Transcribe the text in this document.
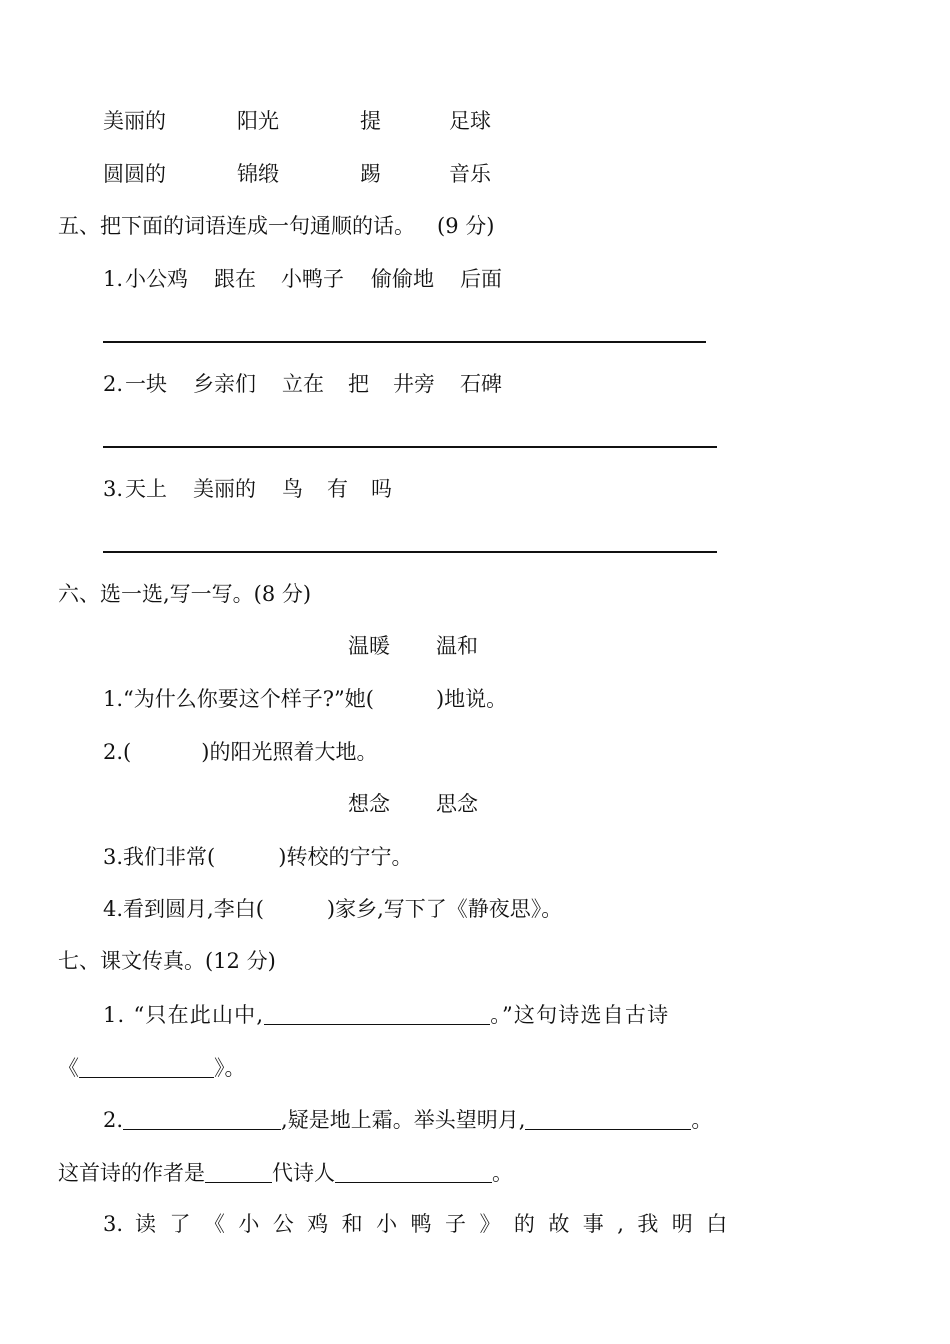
美丽的	阳光	提	足球
圆圆的	锦缎	踢	音乐
五、把下面的词语连成一句通顺的话。 (9 分)
1. 小公鸡 跟在 小鸭子 偷偷地 后面
2. 一块 乡亲们 立在 把 井旁 石碑
3. 天上 美丽的 鸟 有 吗
六、选一选,写一写。(8 分)
温暖 温和
1.“为什么你要这个样子?”她(	)地说。
2.(	)的阳光照着大地。
想念 思念
3.我们非常(	)转校的宁宁。
4.看到圆月,李白(	)家乡,写下了《静夜思》。
七、课文传真。(12 分)
1. “只在此山中,	。”这句诗选自古诗
《	》。
2.	,疑是地上霜。举头望明月,	。
这首诗的作者是	代诗人	。
3. 读了《小公鸡和小鸭子》的故事,我明白
